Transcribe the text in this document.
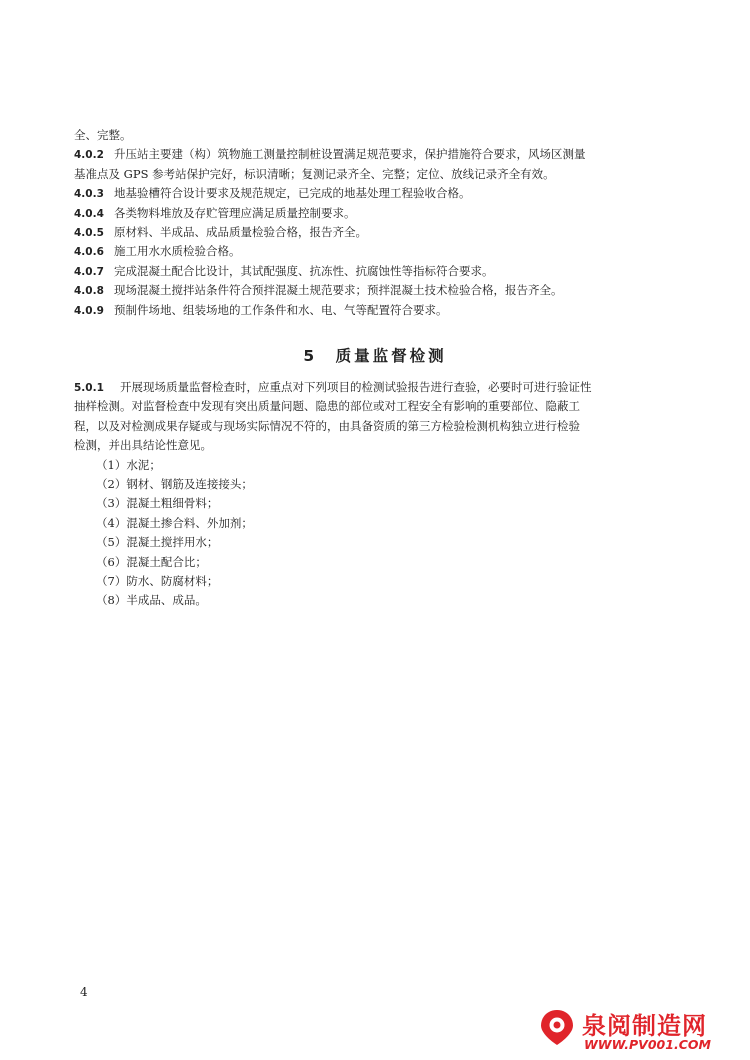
全、完整。
4.0.2 升压站主要建（构）筑物施工测量控制桩设置满足规范要求，保护措施符合要求，风场区测量
基准点及 GPS 参考站保护完好，标识清晰；复测记录齐全、完整；定位、放线记录齐全有效。
4.0.3 地基验槽符合设计要求及规范规定，已完成的地基处理工程验收合格。
4.0.4 各类物料堆放及存贮管理应满足质量控制要求。
4.0.5 原材料、半成品、成品质量检验合格，报告齐全。
4.0.6 施工用水水质检验合格。
4.0.7 完成混凝土配合比设计，其试配强度、抗冻性、抗腐蚀性等指标符合要求。
4.0.8 现场混凝土搅拌站条件符合预拌混凝土规范要求；预拌混凝土技术检验合格，报告齐全。
4.0.9 预制件场地、组装场地的工作条件和水、电、气等配置符合要求。
5　质量监督检测
5.0.1 开展现场质量监督检查时，应重点对下列项目的检测试验报告进行查验，必要时可进行验证性
抽样检测。对监督检查中发现有突出质量问题、隐患的部位或对工程安全有影响的重要部位、隐蔽工
程，以及对检测成果存疑或与现场实际情况不符的，由具备资质的第三方检验检测机构独立进行检验
检测，并出具结论性意见。
（1）水泥；
（2）钢材、钢筋及连接接头；
（3）混凝土粗细骨料；
（4）混凝土掺合料、外加剂；
（5）混凝土搅拌用水；
（6）混凝土配合比；
（7）防水、防腐材料；
（8）半成品、成品。
4
泉阅制造网
WWW.PV001.COM
